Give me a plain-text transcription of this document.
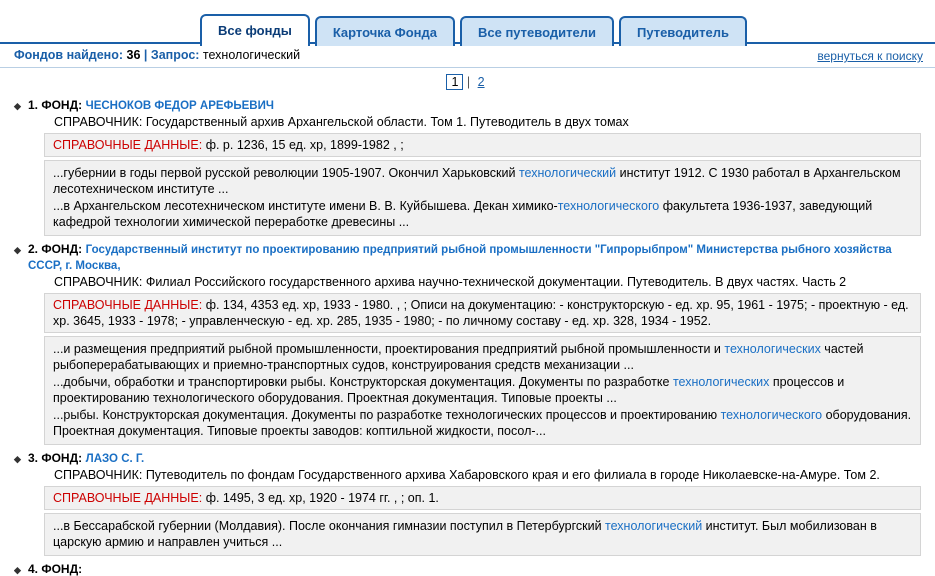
Все фонды	Карточка Фонда	Все путеводители	Путеводитель
Фондов найдено: 36 | Запрос: технологический	вернуться к поиску
1 | 2
◆ 1. ФОНД: ЧЕСНОКОВ ФЕДОР АРЕФЬЕВИЧ
СПРАВОЧНИК: Государственный архив Архангельской области. Том 1. Путеводитель в двух томах
СПРАВОЧНЫЕ ДАННЫЕ: ф. р. 1236, 15 ед. хр, 1899-1982 , ;
...губернии в годы первой русской революции 1905-1907. Окончил Харьковский технологический институт 1912. С 1930 работал в Архангельском лесотехническом институте ...
...в Архангельском лесотехническом институте имени В. В. Куйбышева. Декан химико-технологического факультета 1936-1937, заведующий кафедрой технологии химической переработке древесины ...
◆ 2. ФОНД: Государственный институт по проектированию предприятий рыбной промышленности "Гипрорыбпром" Министерства рыбного хозяйства СССР, г. Москва,
СПРАВОЧНИК: Филиал Российского государственного архива научно-технической документации. Путеводитель. В двух частях. Часть 2
СПРАВОЧНЫЕ ДАННЫЕ: ф. 134, 4353 ед. хр, 1933 - 1980. , ; Описи на документацию: - конструкторскую - ед. хр. 95, 1961 - 1975; - проектную - ед. хр. 3645, 1933 - 1978; - управленческую - ед. хр. 285, 1935 - 1980; - по личному составу - ед. хр. 328, 1934 - 1952.
...и размещения предприятий рыбной промышленности, проектирования предприятий рыбной промышленности и технологических частей рыбоперерабатывающих и приемно-транспортных судов, конструирования средств механизации ...
...добычи, обработки и транспортировки рыбы. Конструкторская документация. Документы по разработке технологических процессов и проектированию технологического оборудования. Проектная документация. Типовые проекты ...
...рыбы. Конструкторская документация. Документы по разработке технологических процессов и проектированию технологического оборудования. Проектная документация. Типовые проекты заводов: коптильной жидкости, посол-...
◆ 3. ФОНД: ЛАЗО С. Г.
СПРАВОЧНИК: Путеводитель по фондам Государственного архива Хабаровского края и его филиала в городе Николаевске-на-Амуре. Том 2.
СПРАВОЧНЫЕ ДАННЫЕ: ф. 1495, 3 ед. хр, 1920 - 1974 гг. , ; оп. 1.
...в Бессарабской губернии (Молдавия). После окончания гимназии поступил в Петербургский технологический институт. Был мобилизован в царскую армию и направлен учиться ...
◆ 4. ФОНД:
